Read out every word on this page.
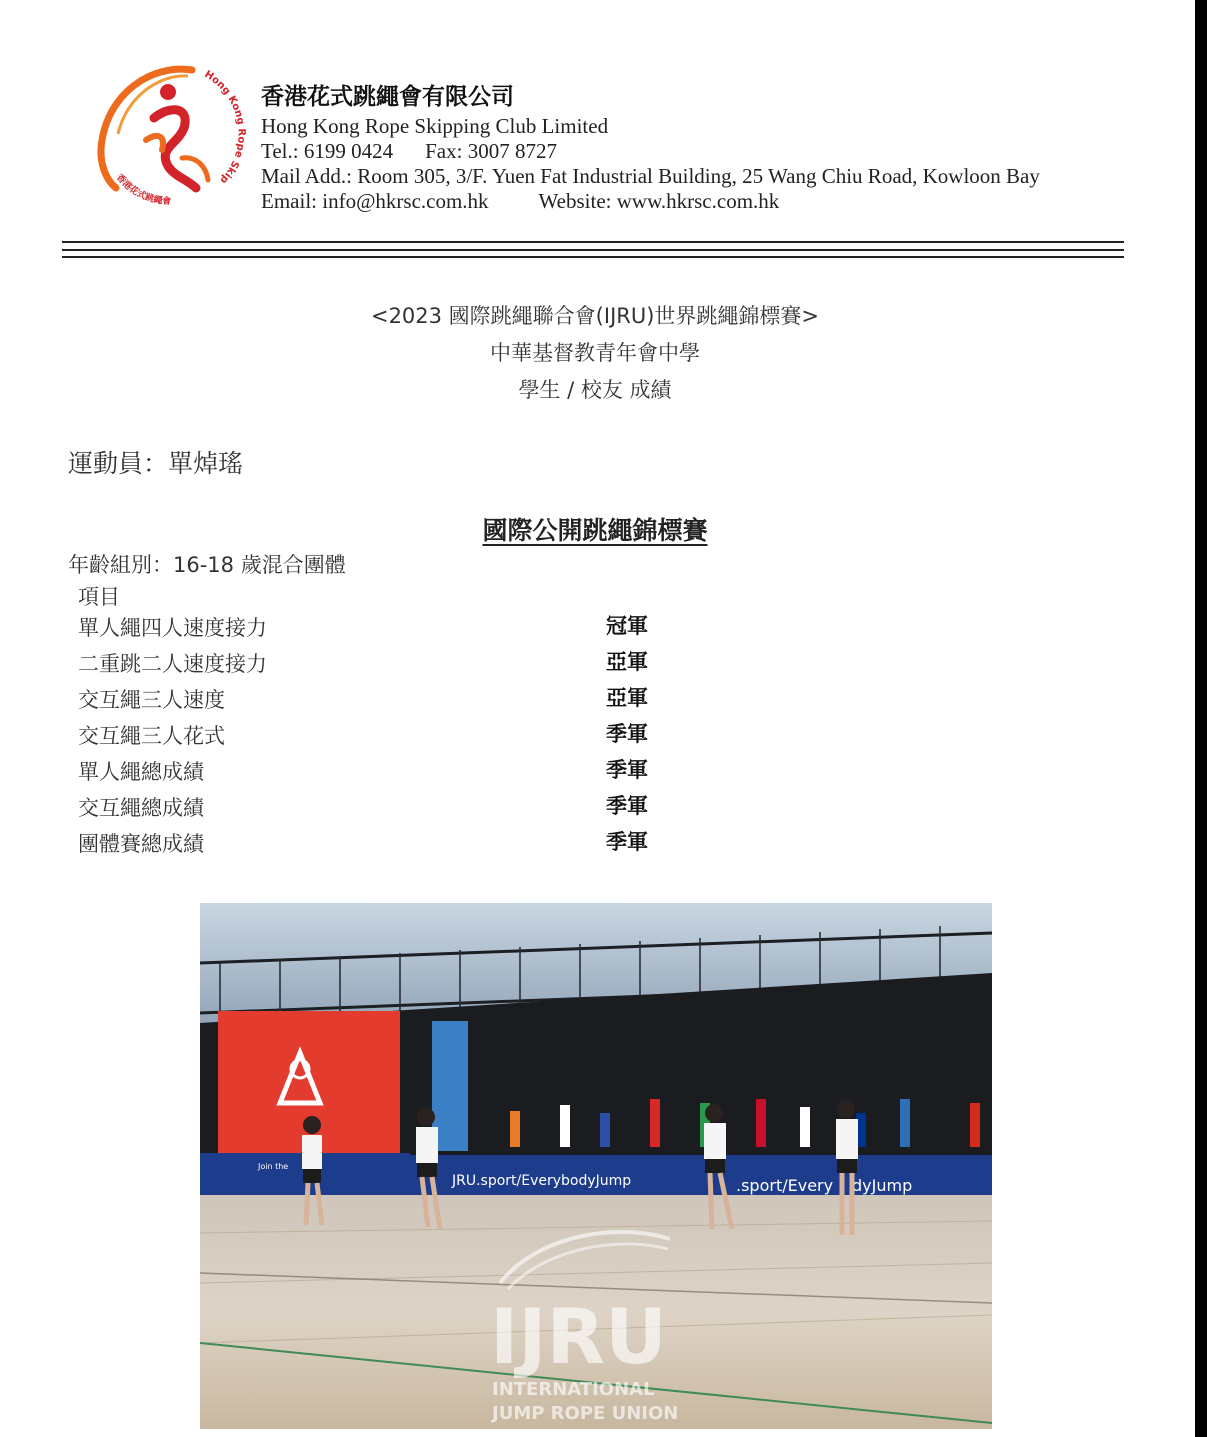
Hong Kong Rope Skip
香港花式跳繩會
香港花式跳繩會有限公司
Hong Kong Rope Skipping Club Limited
Tel.: 6199 0424 Fax: 3007 8727
Mail Add.: Room 305, 3/F. Yuen Fat Industrial Building, 25 Wang Chiu Road, Kowloon Bay
Email: info@hkrsc.com.hk Website: www.hkrsc.com.hk
<2023 國際跳繩聯合會(IJRU)世界跳繩錦標賽>
中華基督教青年會中學
學生 / 校友 成績
運動員：單焯瑤
國際公開跳繩錦標賽
年齡組別：16-18 歲混合團體
項目
單人繩四人速度接力	冠軍
二重跳二人速度接力	亞軍
交互繩三人速度	亞軍
交互繩三人花式	季軍
單人繩總成績	季軍
交互繩總成績	季軍
團體賽總成績	季軍
Join the
JRU.sport/EverybodyJump	.sport/Every dyJump
IJRU
INTERNATIONAL
JUMP ROPE UNION
